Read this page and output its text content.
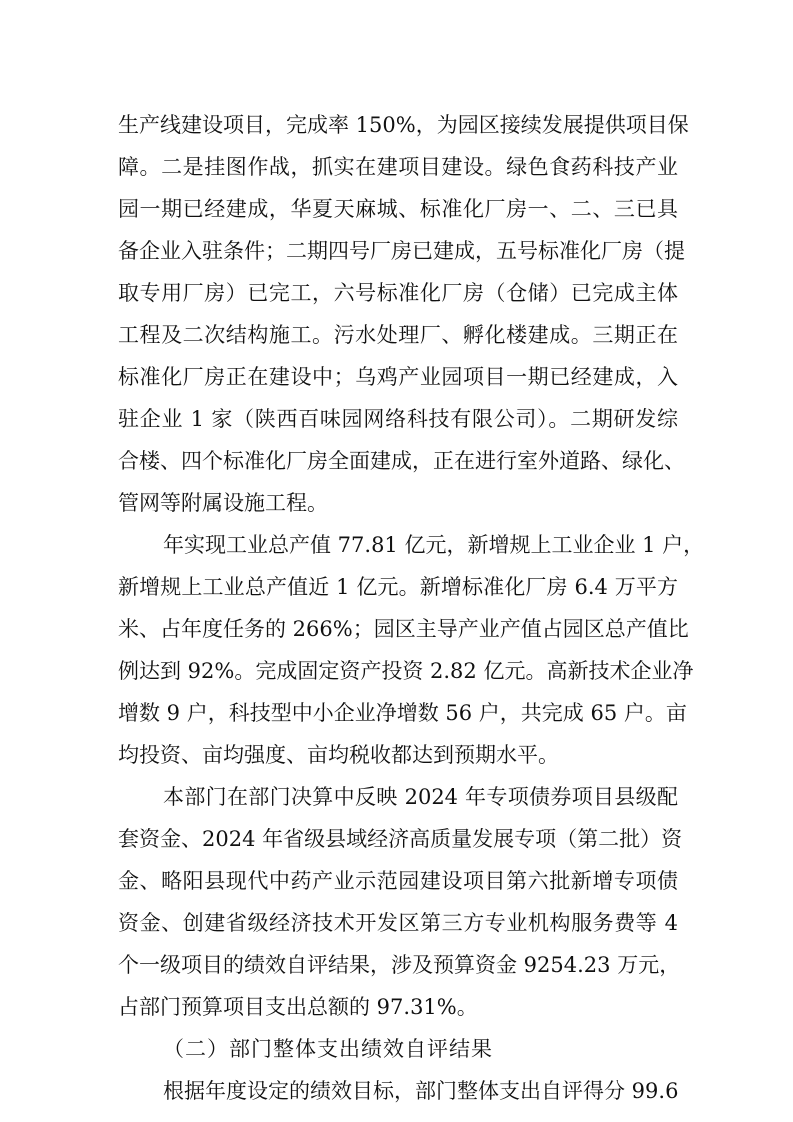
生产线建设项目，完成率 150%，为园区接续发展提供项目保
障。二是挂图作战，抓实在建项目建设。绿色食药科技产业
园一期已经建成，华夏天麻城、标准化厂房一、二、三已具
备企业入驻条件；二期四号厂房已建成，五号标准化厂房（提
取专用厂房）已完工，六号标准化厂房（仓储）已完成主体
工程及二次结构施工。污水处理厂、孵化楼建成。三期正在
标准化厂房正在建设中；乌鸡产业园项目一期已经建成，入
驻企业 1 家（陕西百味园网络科技有限公司）。二期研发综
合楼、四个标准化厂房全面建成，正在进行室外道路、绿化、
管网等附属设施工程。
年实现工业总产值 77.81 亿元，新增规上工业企业 1 户，
新增规上工业总产值近 1 亿元。新增标准化厂房 6.4 万平方
米、占年度任务的 266%；园区主导产业产值占园区总产值比
例达到 92%。完成固定资产投资 2.82 亿元。高新技术企业净
增数 9 户，科技型中小企业净增数 56 户，共完成 65 户。亩
均投资、亩均强度、亩均税收都达到预期水平。
本部门在部门决算中反映 2024 年专项债券项目县级配
套资金、2024 年省级县域经济高质量发展专项（第二批）资
金、略阳县现代中药产业示范园建设项目第六批新增专项债
资金、创建省级经济技术开发区第三方专业机构服务费等 4
个一级项目的绩效自评结果，涉及预算资金 9254.23 万元，
占部门预算项目支出总额的 97.31%。
（二）部门整体支出绩效自评结果
根据年度设定的绩效目标，部门整体支出自评得分 99.6
